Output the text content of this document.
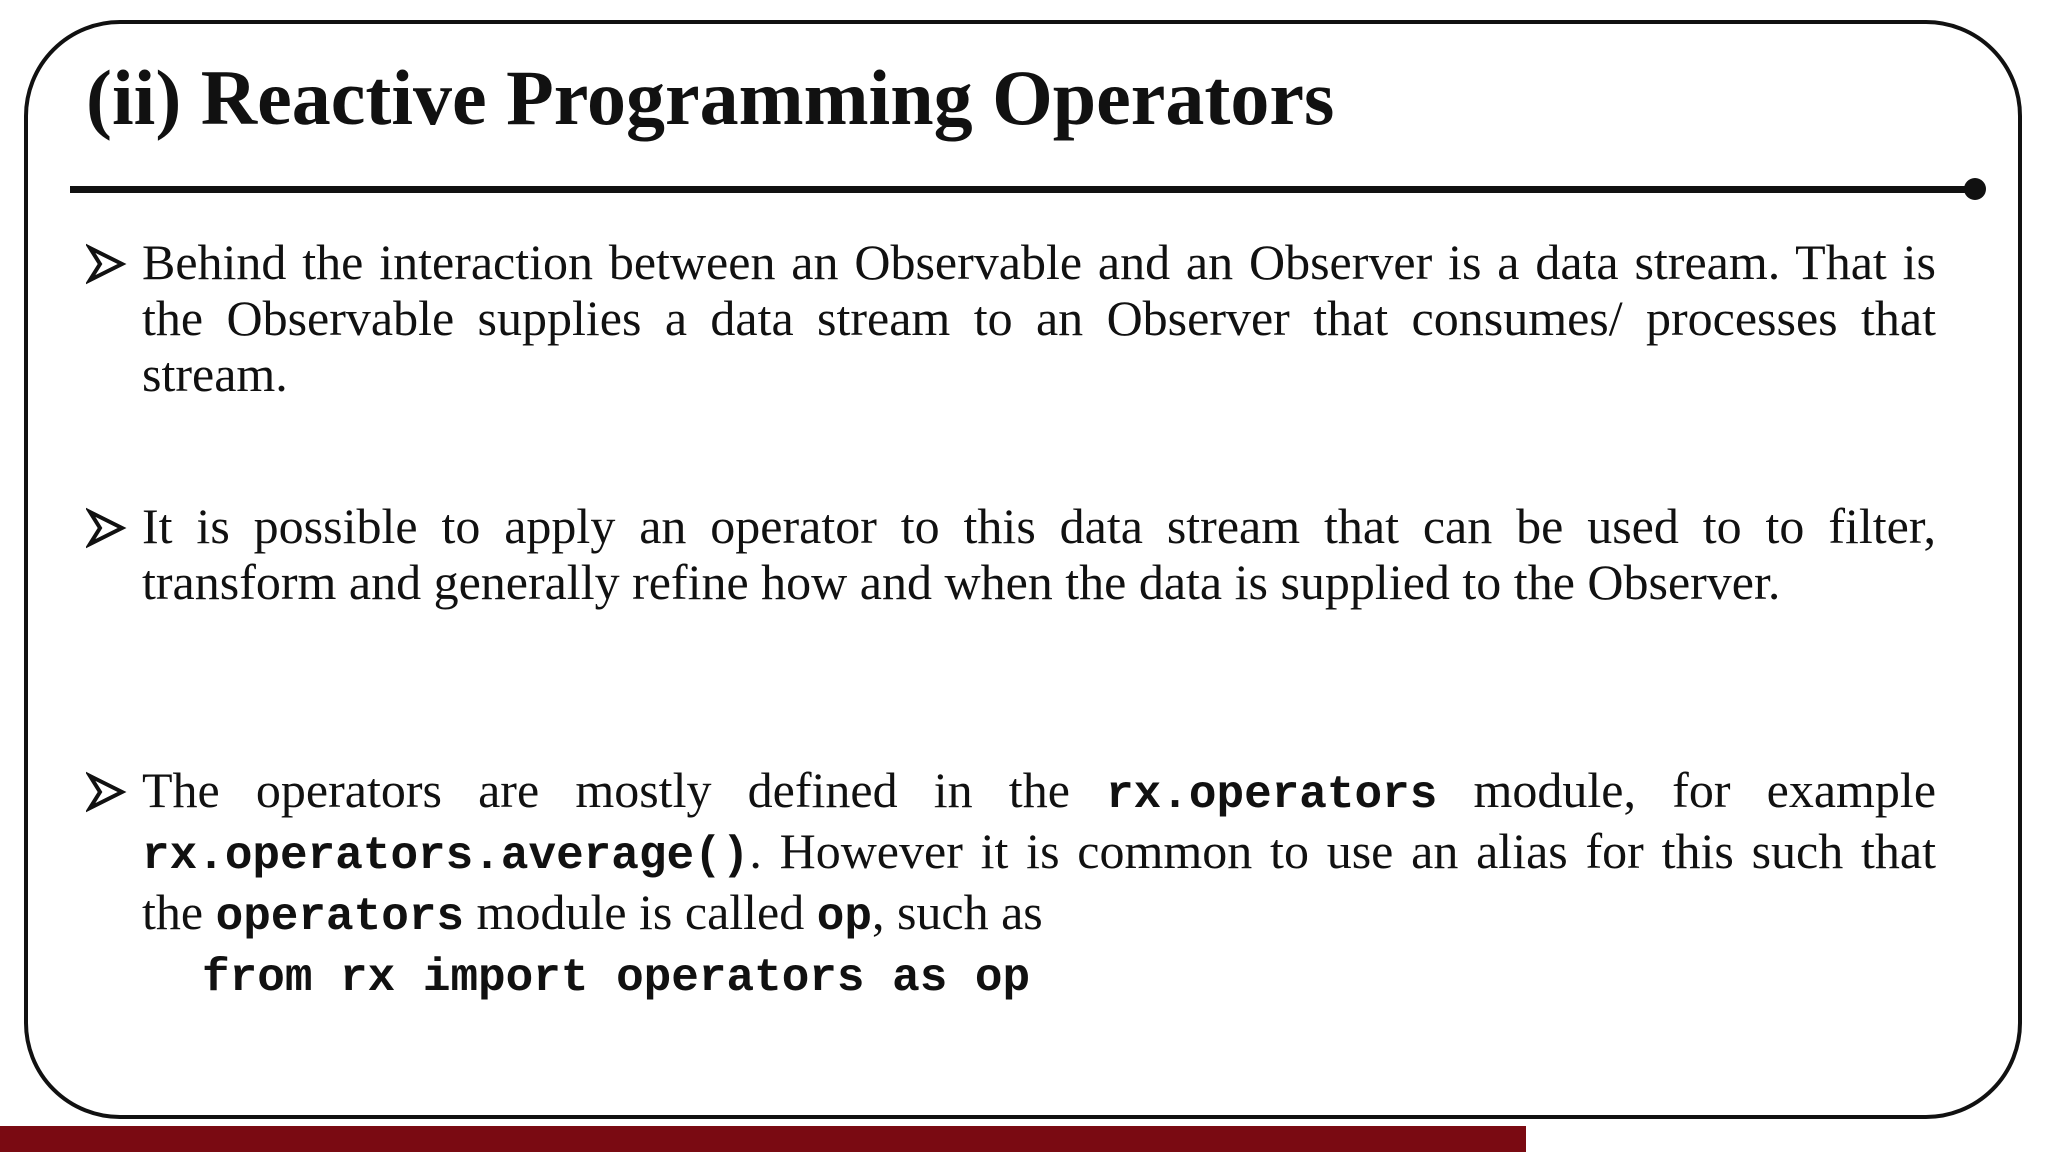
(ii) Reactive Programming Operators

Behind the interaction between an Observable and an Observer is a data stream. That is the Observable supplies a data stream to an Observer that consumes/ processes that stream.

It is possible to apply an operator to this data stream that can be used to to filter, transform and generally refine how and when the data is supplied to the Observer.

The operators are mostly defined in the rx.operators module, for example rx.operators.average(). However it is common to use an alias for this such that the operators module is called op, such as

from rx import operators as op
